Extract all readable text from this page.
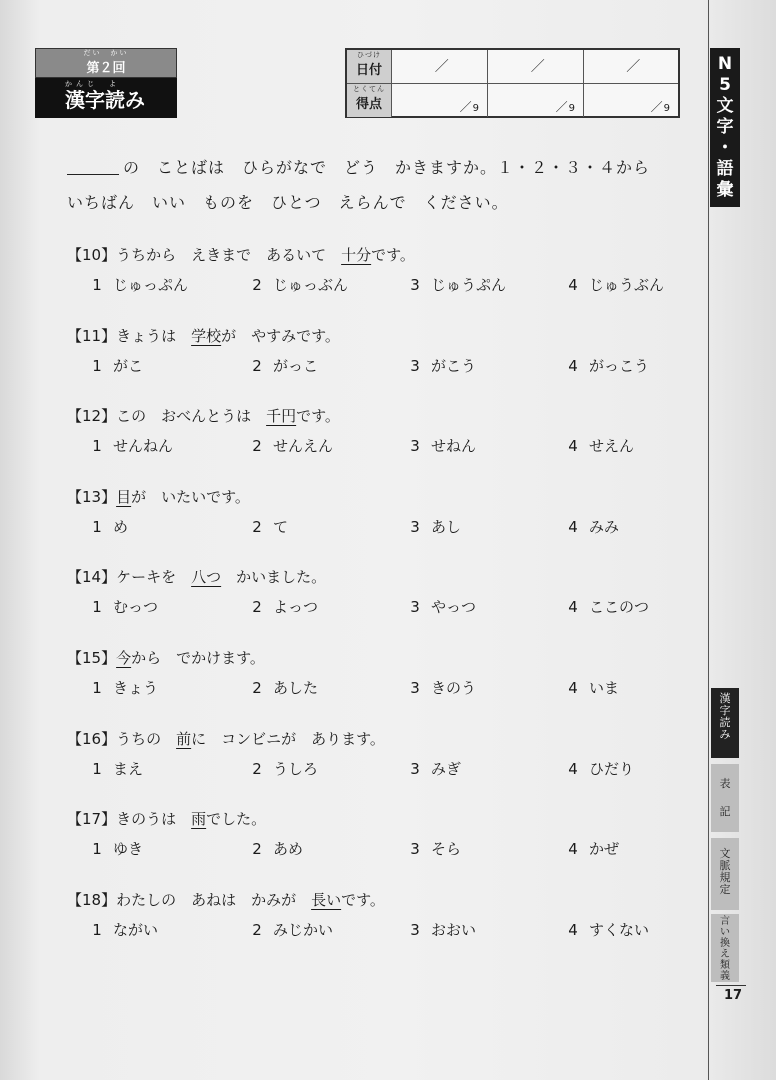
だい　かい
第２回
かんじ　よ
漢字読み
ひづけ
日付	／	／	／
とくてん
得点	／ 9	／ 9	／ 9
N
5
文
字
・
語
彙
漢
字
読
み
表
記
文
脈
規
定
言
い
換
え
類
義
17
の　ことばは　ひらがなで　どう　かきますか。１・２・３・４から
いちばん　いい　ものを　ひとつ　えらんで　ください。
【10】うちから　えきまで　あるいて　十分です。
1 じゅっぷん	2 じゅっぶん	3 じゅうぷん	4 じゅうぶん
【11】きょうは　学校が　やすみです。
1 がこ	2 がっこ	3 がこう	4 がっこう
【12】この　おべんとうは　千円です。
1 せんねん	2 せんえん	3 せねん	4 せえん
【13】目が　いたいです。
1 め	2 て	3 あし	4 みみ
【14】ケーキを　八つ　かいました。
1 むっつ	2 よっつ	3 やっつ	4 ここのつ
【15】今から　でかけます。
1 きょう	2 あした	3 きのう	4 いま
【16】うちの　前に　コンビニが　あります。
1 まえ	2 うしろ	3 みぎ	4 ひだり
【17】きのうは　雨でした。
1 ゆき	2 あめ	3 そら	4 かぜ
【18】わたしの　あねは　かみが　長いです。
1 ながい	2 みじかい	3 おおい	4 すくない
